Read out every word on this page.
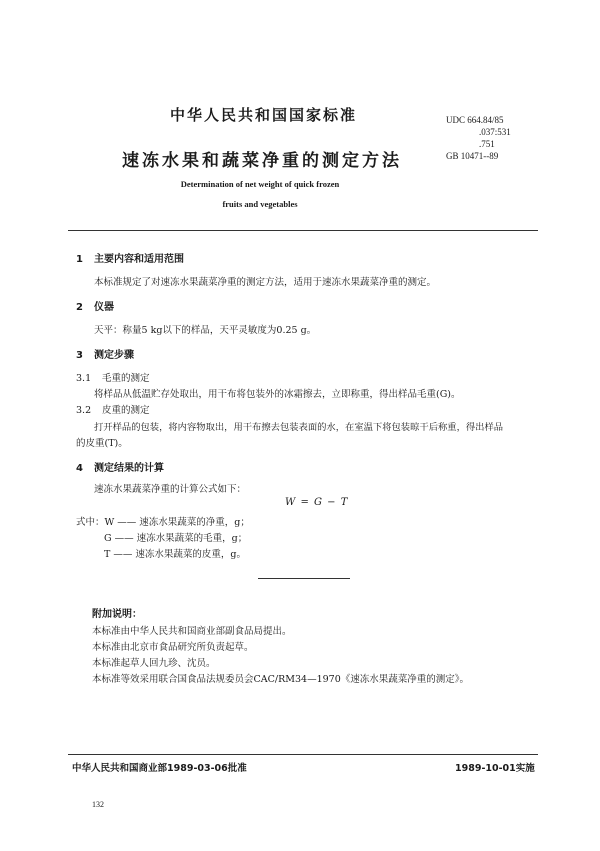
中华人民共和国国家标准	UDC 664.84/85
.037:531
.751
GB 10471--89
速冻水果和蔬菜净重的测定方法
Determination of net weight of quick frozen fruits and vegetables
1 主要内容和适用范围
本标准规定了对速冻水果蔬菜净重的测定方法，适用于速冻水果蔬菜净重的测定。
2 仪器
天平：称量5 kg以下的样品，天平灵敏度为0.25 g。
3 测定步骤
3.1 毛重的测定
将样品从低温贮存处取出，用干布将包装外的冰霜擦去，立即称重，得出样品毛重(G)。
3.2 皮重的测定
打开样品的包装，将内容物取出，用干布擦去包装表面的水，在室温下将包装晾干后称重，得出样品
的皮重(T)。
4 测定结果的计算
速冻水果蔬菜净重的计算公式如下：
W = G − T
式中：W —— 速冻水果蔬菜的净重，g；
G —— 速冻水果蔬菜的毛重，g；
T —— 速冻水果蔬菜的皮重，g。
附加说明：
本标准由中华人民共和国商业部副食品局提出。
本标准由北京市食品研究所负责起草。
本标准起草人回九珍、沈员。
本标准等效采用联合国食品法规委员会CAC/RM34—1970《速冻水果蔬菜净重的测定》。
中华人民共和国商业部1989-03-06批准	1989-10-01实施
132
